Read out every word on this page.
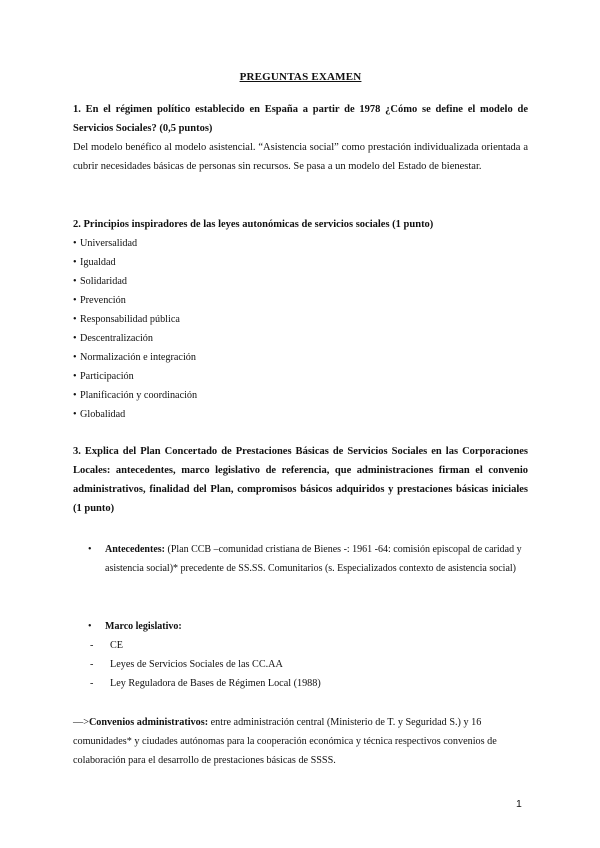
PREGUNTAS EXAMEN

1. En el régimen político establecido en España a partir de 1978 ¿Cómo se define el modelo de Servicios Sociales? (0,5 puntos)

Del modelo benéfico al modelo asistencial. “Asistencia social” como prestación individualizada orientada a cubrir necesidades básicas de personas sin recursos. Se pasa a un modelo del Estado de bienestar.

2. Principios inspiradores de las leyes autonómicas de servicios sociales (1 punto)

• Universalidad
• Igualdad
• Solidaridad
• Prevención
• Responsabilidad pública
• Descentralización
• Normalización e integración
• Participación
• Planificación y coordinación
• Globalidad

3. Explica del Plan Concertado de Prestaciones Básicas de Servicios Sociales en las Corporaciones Locales: antecedentes, marco legislativo de referencia, que administraciones firman el convenio administrativos, finalidad del Plan, compromisos básicos adquiridos y prestaciones básicas iniciales (1 punto)

•	Antecedentes: (Plan CCB –comunidad cristiana de Bienes -: 1961 -64: comisión episcopal de caridad y asistencia social)* precedente de SS.SS. Comunitarios (s. Especializados contexto de asistencia social)
•	Marco legislativo:
- CE
- Leyes de Servicios Sociales de las CC.AA
- Ley Reguladora de Bases de Régimen Local (1988)

—>Convenios administrativos: entre administración central (Ministerio de T. y Seguridad S.) y 16 comunidades* y ciudades autónomas para la cooperación económica y técnica respectivos convenios de colaboración para el desarrollo de prestaciones básicas de SSSS.

1
